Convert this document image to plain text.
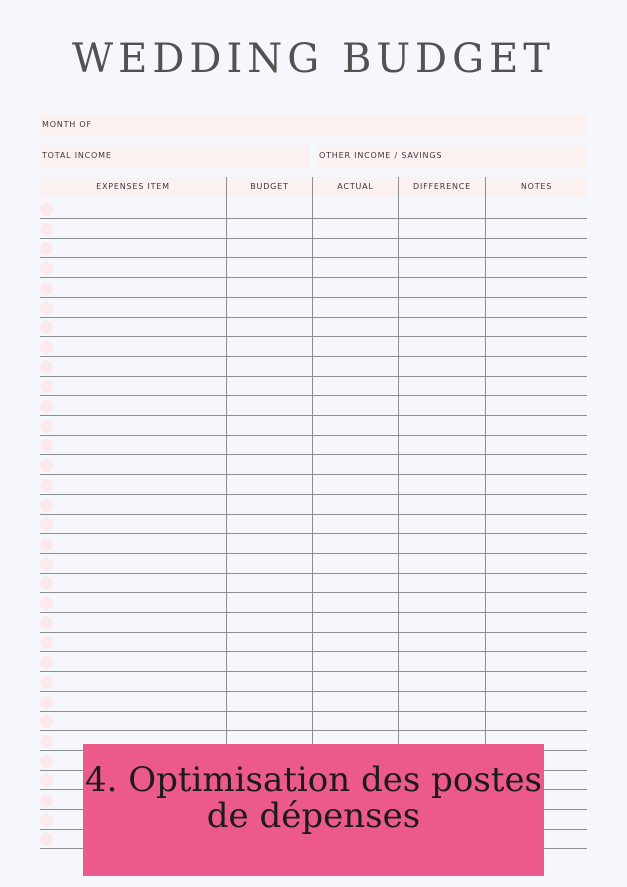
WEDDING BUDGET
MONTH OF
TOTAL INCOME	OTHER INCOME / SAVINGS
EXPENSES ITEM	BUDGET	ACTUAL	DIFFERENCE	NOTES
4. Optimisation des postes de dépenses
